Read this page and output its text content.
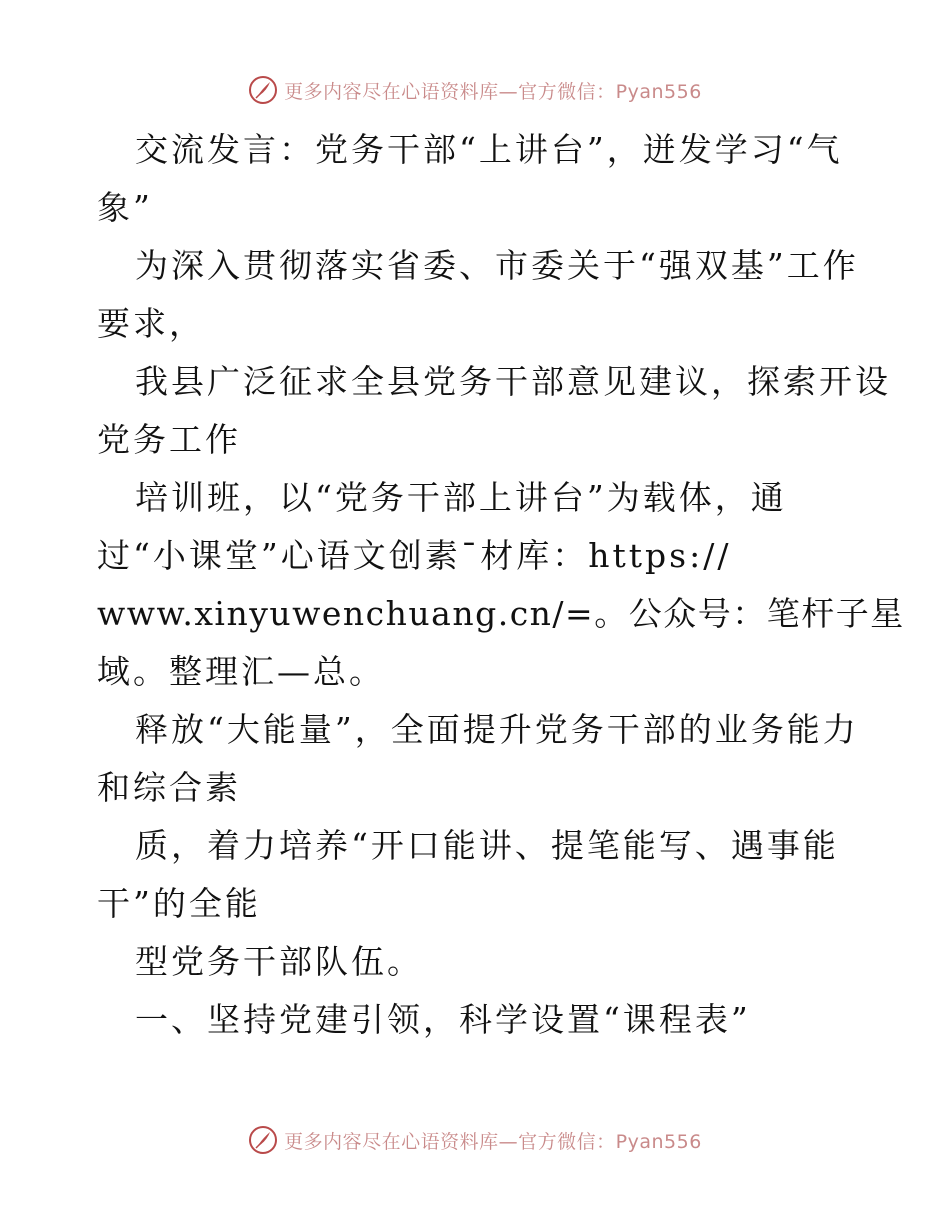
更多内容尽在心语资料库—官方微信：Pyan556
交流发言：党务干部“上讲台”，迸发学习“气
象”
为深入贯彻落实省委、市委关于“强双基”工作
要求，
我县广泛征求全县党务干部意见建议，探索开设
党务工作
培训班，以“党务干部上讲台”为载体，通
过“小课堂”心语文创素¯材库：https://
www.xinyuwenchuang.cn/=。公众号：笔杆子星
域。整理汇—总。
释放“大能量”，全面提升党务干部的业务能力
和综合素
质，着力培养“开口能讲、提笔能写、遇事能
干”的全能
型党务干部队伍。
一、坚持党建引领，科学设置“课程表”
更多内容尽在心语资料库—官方微信：Pyan556
